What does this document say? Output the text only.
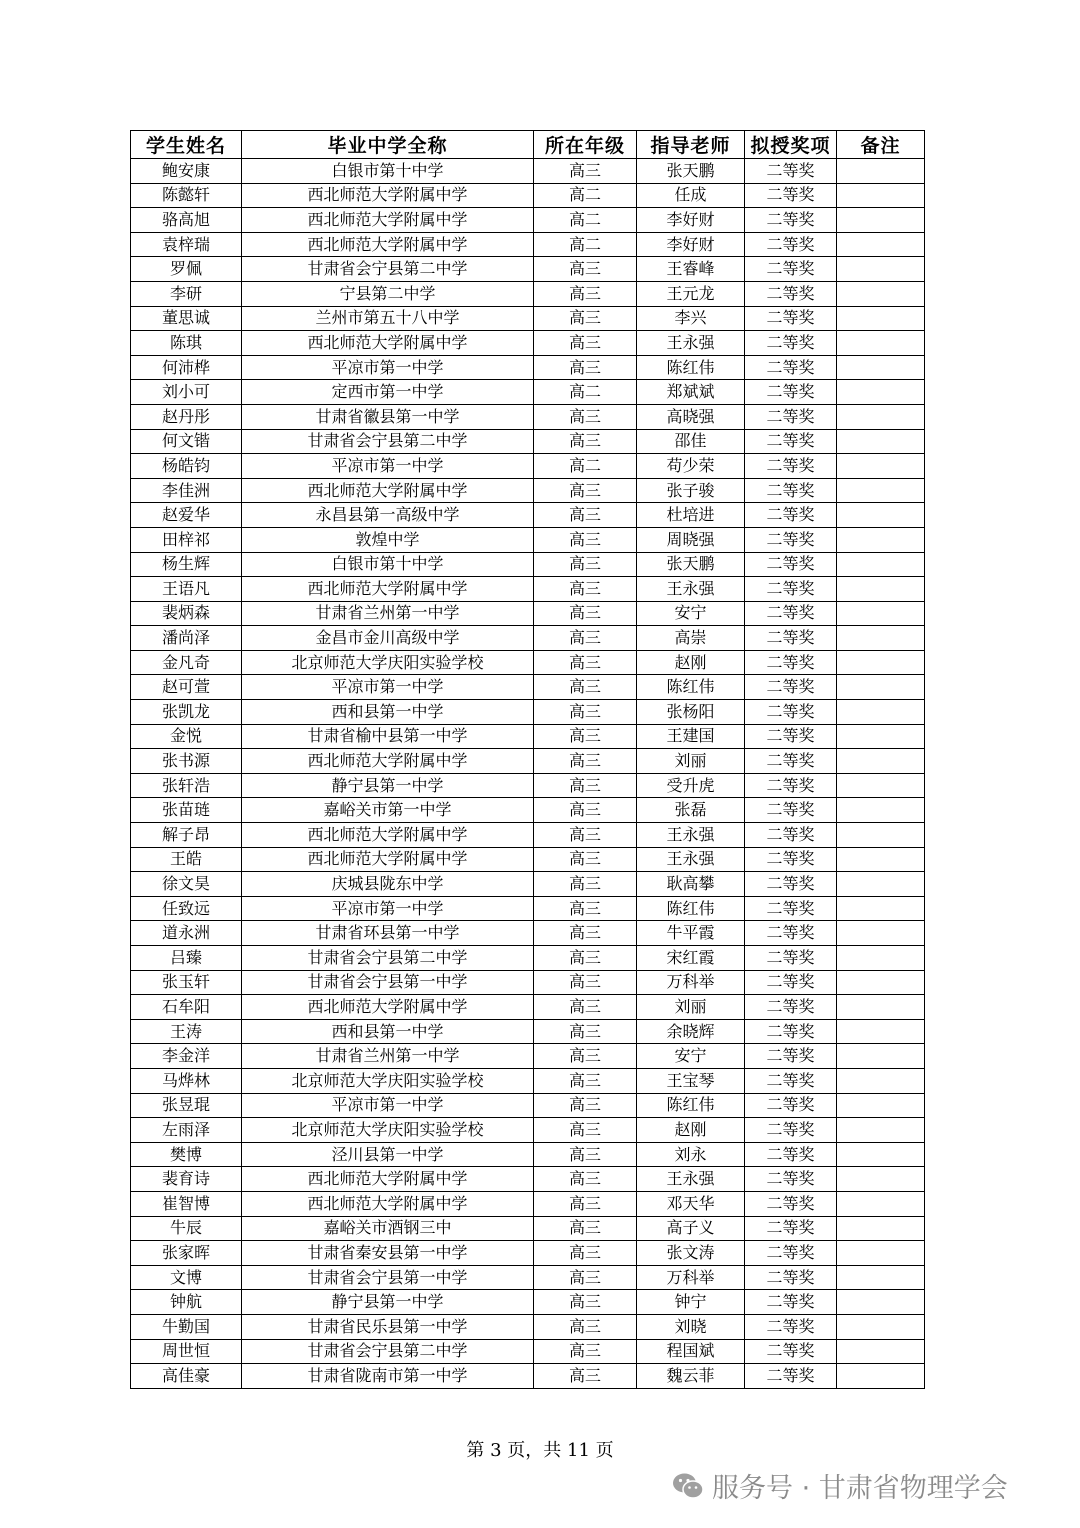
学生姓名	毕业中学全称	所在年级	指导老师	拟授奖项	备注
鲍安康	白银市第十中学	高三	张天鹏	二等奖	
陈懿轩	西北师范大学附属中学	高二	任成	二等奖	
骆高旭	西北师范大学附属中学	高二	李好财	二等奖	
袁梓瑞	西北师范大学附属中学	高二	李好财	二等奖	
罗佩	甘肃省会宁县第二中学	高三	王睿峰	二等奖	
李研	宁县第二中学	高三	王元龙	二等奖	
董思诚	兰州市第五十八中学	高三	李兴	二等奖	
陈琪	西北师范大学附属中学	高三	王永强	二等奖	
何沛桦	平凉市第一中学	高三	陈红伟	二等奖	
刘小可	定西市第一中学	高二	郑斌斌	二等奖	
赵丹彤	甘肃省徽县第一中学	高三	高晓强	二等奖	
何文锴	甘肃省会宁县第二中学	高三	邵佳	二等奖	
杨皓钧	平凉市第一中学	高二	苟少荣	二等奖	
李佳洲	西北师范大学附属中学	高三	张子骏	二等奖	
赵爱华	永昌县第一高级中学	高三	杜培进	二等奖	
田梓祁	敦煌中学	高三	周晓强	二等奖	
杨生辉	白银市第十中学	高三	张天鹏	二等奖	
王语凡	西北师范大学附属中学	高三	王永强	二等奖	
裴炳森	甘肃省兰州第一中学	高三	安宁	二等奖	
潘尚泽	金昌市金川高级中学	高三	高崇	二等奖	
金凡奇	北京师范大学庆阳实验学校	高三	赵刚	二等奖	
赵可萱	平凉市第一中学	高三	陈红伟	二等奖	
张凯龙	西和县第一中学	高三	张杨阳	二等奖	
金悦	甘肃省榆中县第一中学	高三	王建国	二等奖	
张书源	西北师范大学附属中学	高三	刘丽	二等奖	
张轩浩	静宁县第一中学	高三	受升虎	二等奖	
张苗琏	嘉峪关市第一中学	高三	张磊	二等奖	
解子昂	西北师范大学附属中学	高三	王永强	二等奖	
王皓	西北师范大学附属中学	高三	王永强	二等奖	
徐文昊	庆城县陇东中学	高三	耿高攀	二等奖	
任致远	平凉市第一中学	高三	陈红伟	二等奖	
道永洲	甘肃省环县第一中学	高三	牛平霞	二等奖	
吕臻	甘肃省会宁县第二中学	高三	宋红霞	二等奖	
张玉轩	甘肃省会宁县第一中学	高三	万科举	二等奖	
石牟阳	西北师范大学附属中学	高三	刘丽	二等奖	
王涛	西和县第一中学	高三	余晓辉	二等奖	
李金洋	甘肃省兰州第一中学	高三	安宁	二等奖	
马烨林	北京师范大学庆阳实验学校	高三	王宝琴	二等奖	
张昱琨	平凉市第一中学	高三	陈红伟	二等奖	
左雨泽	北京师范大学庆阳实验学校	高三	赵刚	二等奖	
樊博	泾川县第一中学	高三	刘永	二等奖	
裴育诗	西北师范大学附属中学	高三	王永强	二等奖	
崔智博	西北师范大学附属中学	高三	邓天华	二等奖	
牛辰	嘉峪关市酒钢三中	高三	高子义	二等奖	
张家晖	甘肃省秦安县第一中学	高三	张文涛	二等奖	
文博	甘肃省会宁县第一中学	高三	万科举	二等奖	
钟航	静宁县第一中学	高三	钟宁	二等奖	
牛勤国	甘肃省民乐县第一中学	高三	刘晓	二等奖	
周世恒	甘肃省会宁县第二中学	高三	程国斌	二等奖	
高佳豪	甘肃省陇南市第一中学	高三	魏云菲	二等奖	
第 3 页，共 11 页
服务号 · 甘肃省物理学会
